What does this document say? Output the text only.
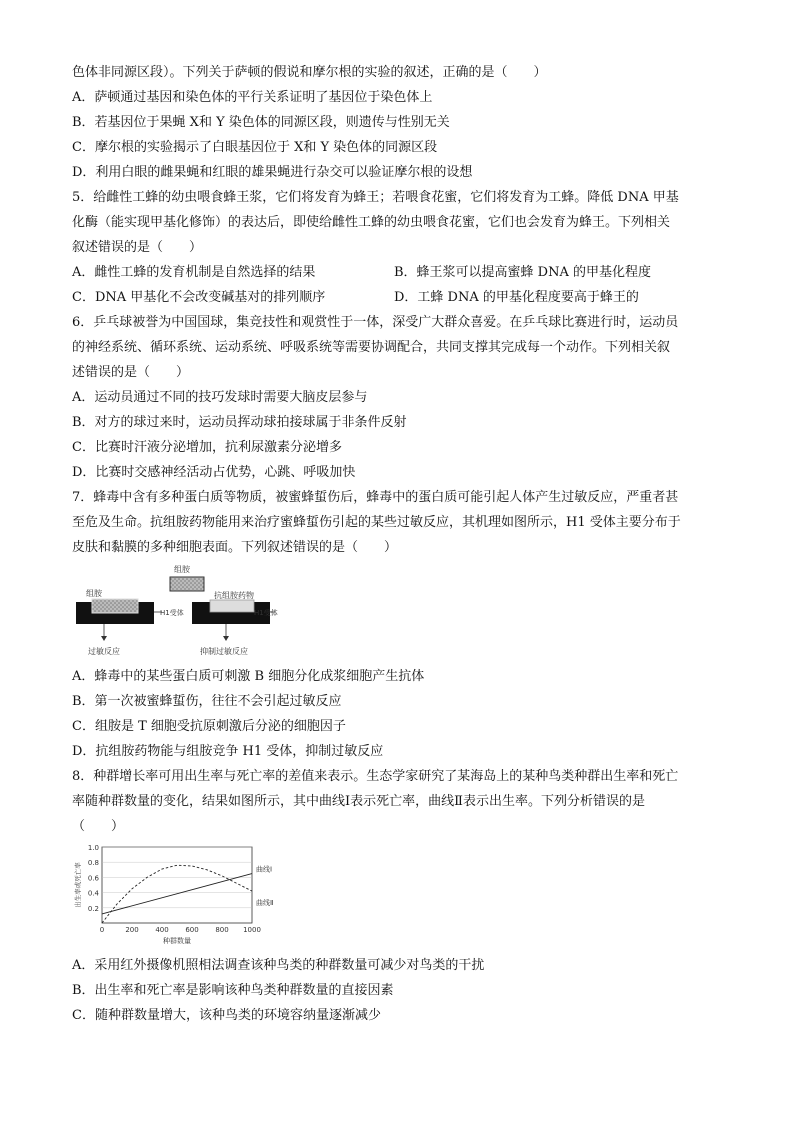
色体非同源区段）。下列关于萨顿的假说和摩尔根的实验的叙述，正确的是（　　）
A．萨顿通过基因和染色体的平行关系证明了基因位于染色体上
B．若基因位于果蝇 X和 Y 染色体的同源区段，则遗传与性别无关
C．摩尔根的实验揭示了白眼基因位于 X和 Y 染色体的同源区段
D．利用白眼的雌果蝇和红眼的雄果蝇进行杂交可以验证摩尔根的设想
5．给雌性工蜂的幼虫喂食蜂王浆，它们将发育为蜂王；若喂食花蜜，它们将发育为工蜂。降低 DNA 甲基
化酶（能实现甲基化修饰）的表达后，即使给雌性工蜂的幼虫喂食花蜜，它们也会发育为蜂王。下列相关
叙述错误的是（　　）
A．雌性工蜂的发育机制是自然选择的结果	B．蜂王浆可以提高蜜蜂 DNA 的甲基化程度
C．DNA 甲基化不会改变碱基对的排列顺序	D．工蜂 DNA 的甲基化程度要高于蜂王的
6．乒乓球被誉为中国国球，集竞技性和观赏性于一体，深受广大群众喜爱。在乒乓球比赛进行时，运动员
的神经系统、循环系统、运动系统、呼吸系统等需要协调配合，共同支撑其完成每一个动作。下列相关叙
述错误的是（　　）
A．运动员通过不同的技巧发球时需要大脑皮层参与
B．对方的球过来时，运动员挥动球拍接球属于非条件反射
C．比赛时汗液分泌增加，抗利尿激素分泌增多
D．比赛时交感神经活动占优势，心跳、呼吸加快
7．蜂毒中含有多种蛋白质等物质，被蜜蜂蜇伤后，蜂毒中的蛋白质可能引起人体产生过敏反应，严重者甚
至危及生命。抗组胺药物能用来治疗蜜蜂蜇伤引起的某些过敏反应，其机理如图所示，H1 受体主要分布于
皮肤和黏膜的多种细胞表面。下列叙述错误的是（　　）
组胺
组胺
H1受体
过敏反应
抗组胺药物
H1受体
抑制过敏反应
A．蜂毒中的某些蛋白质可刺激 B 细胞分化成浆细胞产生抗体
B．第一次被蜜蜂蜇伤，往往不会引起过敏反应
C．组胺是 T 细胞受抗原刺激后分泌的细胞因子
D．抗组胺药物能与组胺竞争 H1 受体，抑制过敏反应
8．种群增长率可用出生率与死亡率的差值来表示。生态学家研究了某海岛上的某种鸟类种群出生率和死亡
率随种群数量的变化，结果如图所示，其中曲线Ⅰ表示死亡率，曲线Ⅱ表示出生率。下列分析错误的是
（　　）
0.2
0.4
0.6
0.8
1.0
0	200 400 600 800 1000
曲线Ⅰ
曲线Ⅱ
种群数量
出生率或死亡率
A．采用红外摄像机照相法调查该种鸟类的种群数量可减少对鸟类的干扰
B．出生率和死亡率是影响该种鸟类种群数量的直接因素
C．随种群数量增大，该种鸟类的环境容纳量逐渐减少
